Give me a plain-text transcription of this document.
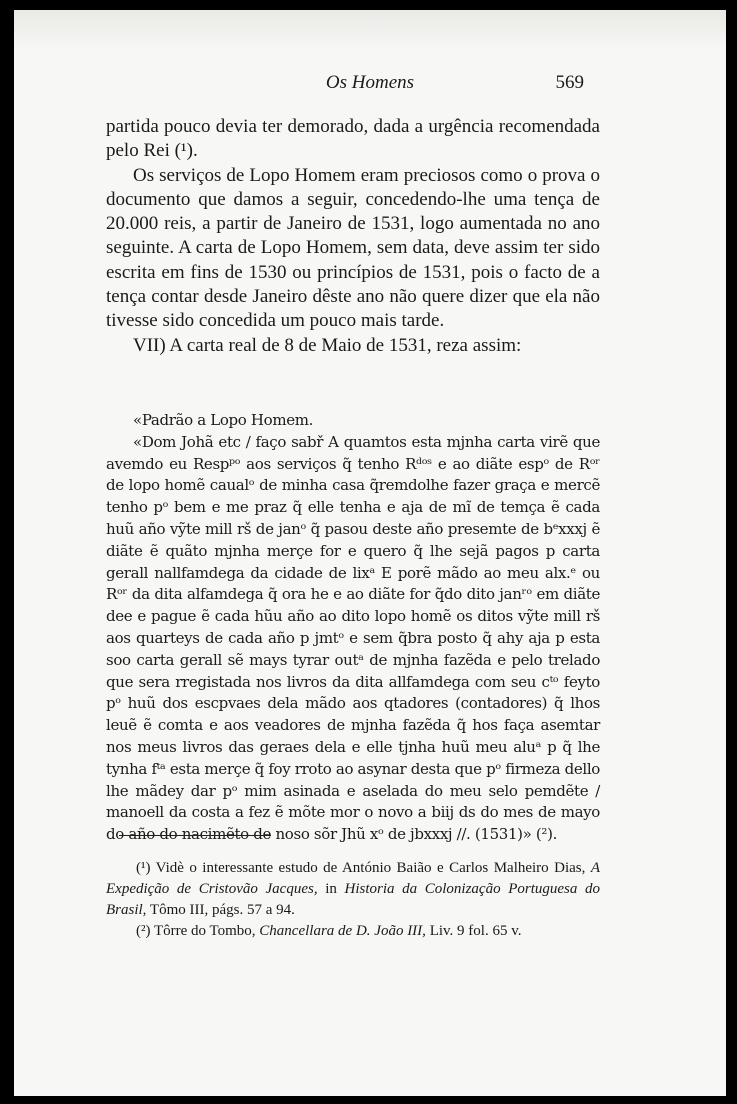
Os Homens	569

partida pouco devia ter demorado, dada a urgência recomendada pelo Rei (¹).

Os serviços de Lopo Homem eram preciosos como o prova o documento que damos a seguir, concedendo-lhe uma tença de 20.000 reis, a partir de Janeiro de 1531, logo aumentada no ano seguinte. A carta de Lopo Homem, sem data, deve assim ter sido escrita em fins de 1530 ou princípios de 1531, pois o facto de a tença contar desde Janeiro dêste ano não quere dizer que ela não tivesse sido concedida um pouco mais tarde.

VII) A carta real de 8 de Maio de 1531, reza assim:

«Padrão a Lopo Homem.

«Dom Johã etc / faço sabř A quamtos esta mjnha carta virẽ que avemdo eu Respᵖᵒ aos serviços q̃ tenho Rᵈᵒˢ e ao diãte espᵒ de Rᵒʳ de lopo homẽ caualᵒ de minha casa q̃remdolhe fazer graça e mercẽ tenho pᵒ bem e me praz q̃ elle tenha e aja de mĩ de temça ẽ cada huũ año vỹte mill rš de janᵒ q̃ pasou deste año presemte de bᵉxxxj ẽ diãte ẽ quãto mjnha merçe for e quero q̃ lhe sejã pagos p carta gerall nallfamdega da cidade de lixᵃ E porẽ mãdo ao meu alx.ᵉ ou Rᵒʳ da dita alfamdega q̃ ora he e ao diãte for q̃do dito janʳᵒ em diãte dee e pague ẽ cada hũu año ao dito lopo homẽ os ditos vỹte mill rš aos quarteys de cada año p jmtᵒ e sem q̃bra posto q̃ ahy aja p esta soo carta gerall sẽ mays tyrar outᵃ de mjnha fazẽda e pelo trelado que sera rregistada nos livros da dita allfamdega com seu cᵗᵒ feyto pᵒ huũ dos escpvaes dela mãdo aos qtadores (contadores) q̃ lhos leuẽ ẽ comta e aos veadores de mjnha fazẽda q̃ hos faça asemtar nos meus livros das geraes dela e elle tjnha huũ meu aluᵃ p q̃ lhe tynha fᵗᵃ esta merçe q̃ foy rroto ao asynar desta que pᵒ firmeza dello lhe mãdey dar pᵒ mim asinada e aselada do meu selo pemdẽte / manoell da costa a fez ẽ mõte mor o novo a biij ds do mes de mayo do año do nacimẽto de noso sõr Jhũ xᵒ de jbxxxj //. (1531)» (²).

(¹) Vidè o interessante estudo de António Baião e Carlos Malheiro Dias, A Expedição de Cristovão Jacques, in Historia da Colonização Portuguesa do Brasil, Tômo III, págs. 57 a 94.

(²) Tôrre do Tombo, Chancellara de D. João III, Liv. 9 fol. 65 v.
